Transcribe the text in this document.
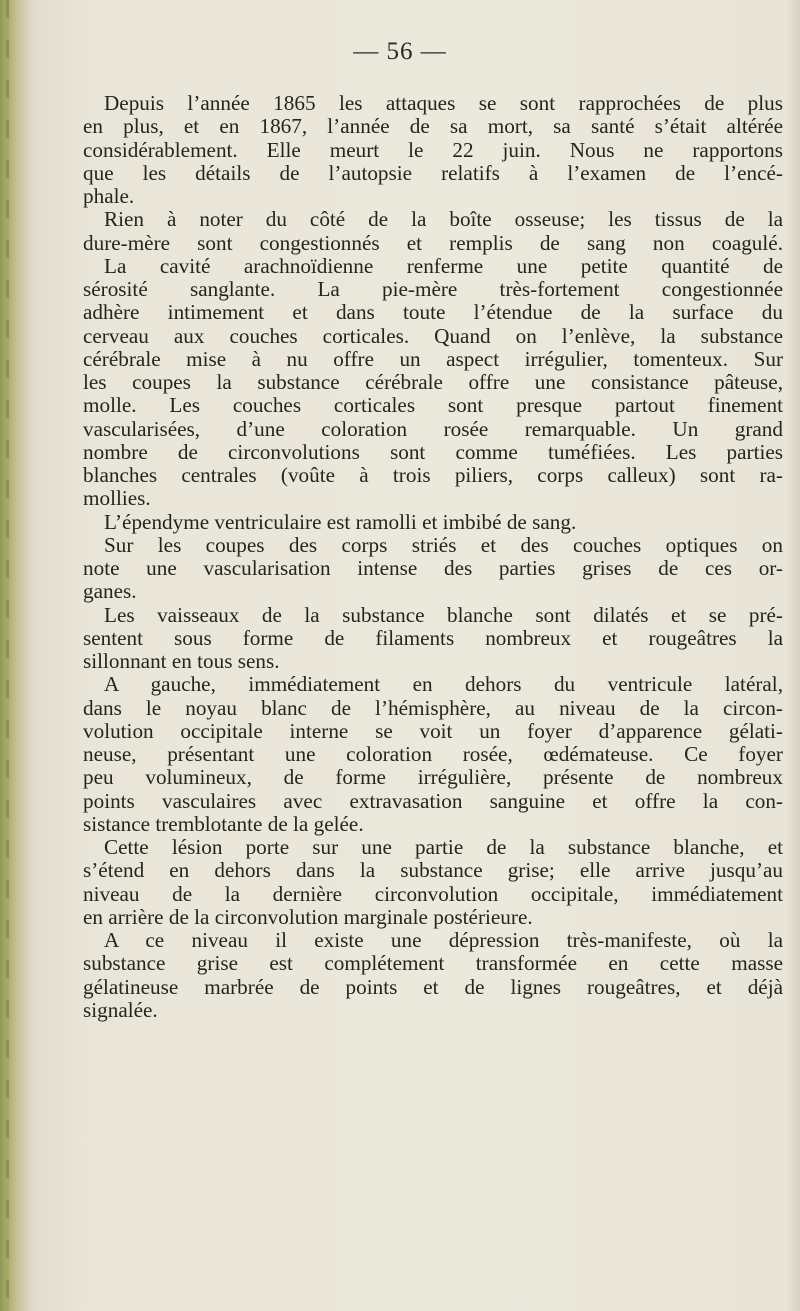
— 56 —
Depuis l’année 1865 les attaques se sont rapprochées de plus
en plus, et en 1867, l’année de sa mort, sa santé s’était altérée
considérablement. Elle meurt le 22 juin. Nous ne rapportons
que les détails de l’autopsie relatifs à l’examen de l’encé-
phale.
Rien à noter du côté de la boîte osseuse; les tissus de la
dure-mère sont congestionnés et remplis de sang non coagulé.
La cavité arachnoïdienne renferme une petite quantité de
sérosité sanglante. La pie-mère très-fortement congestionnée
adhère intimement et dans toute l’étendue de la surface du
cerveau aux couches corticales. Quand on l’enlève, la substance
cérébrale mise à nu offre un aspect irrégulier, tomenteux. Sur
les coupes la substance cérébrale offre une consistance pâteuse,
molle. Les couches corticales sont presque partout finement
vascularisées, d’une coloration rosée remarquable. Un grand
nombre de circonvolutions sont comme tuméfiées. Les parties
blanches centrales (voûte à trois piliers, corps calleux) sont ra-
mollies.
L’épendyme ventriculaire est ramolli et imbibé de sang.
Sur les coupes des corps striés et des couches optiques on
note une vascularisation intense des parties grises de ces or-
ganes.
Les vaisseaux de la substance blanche sont dilatés et se pré-
sentent sous forme de filaments nombreux et rougeâtres la
sillonnant en tous sens.
A gauche, immédiatement en dehors du ventricule latéral,
dans le noyau blanc de l’hémisphère, au niveau de la circon-
volution occipitale interne se voit un foyer d’apparence gélati-
neuse, présentant une coloration rosée, œdémateuse. Ce foyer
peu volumineux, de forme irrégulière, présente de nombreux
points vasculaires avec extravasation sanguine et offre la con-
sistance tremblotante de la gelée.
Cette lésion porte sur une partie de la substance blanche, et
s’étend en dehors dans la substance grise; elle arrive jusqu’au
niveau de la dernière circonvolution occipitale, immédiatement
en arrière de la circonvolution marginale postérieure.
A ce niveau il existe une dépression très-manifeste, où la
substance grise est complétement transformée en cette masse
gélatineuse marbrée de points et de lignes rougeâtres, et déjà
signalée.
